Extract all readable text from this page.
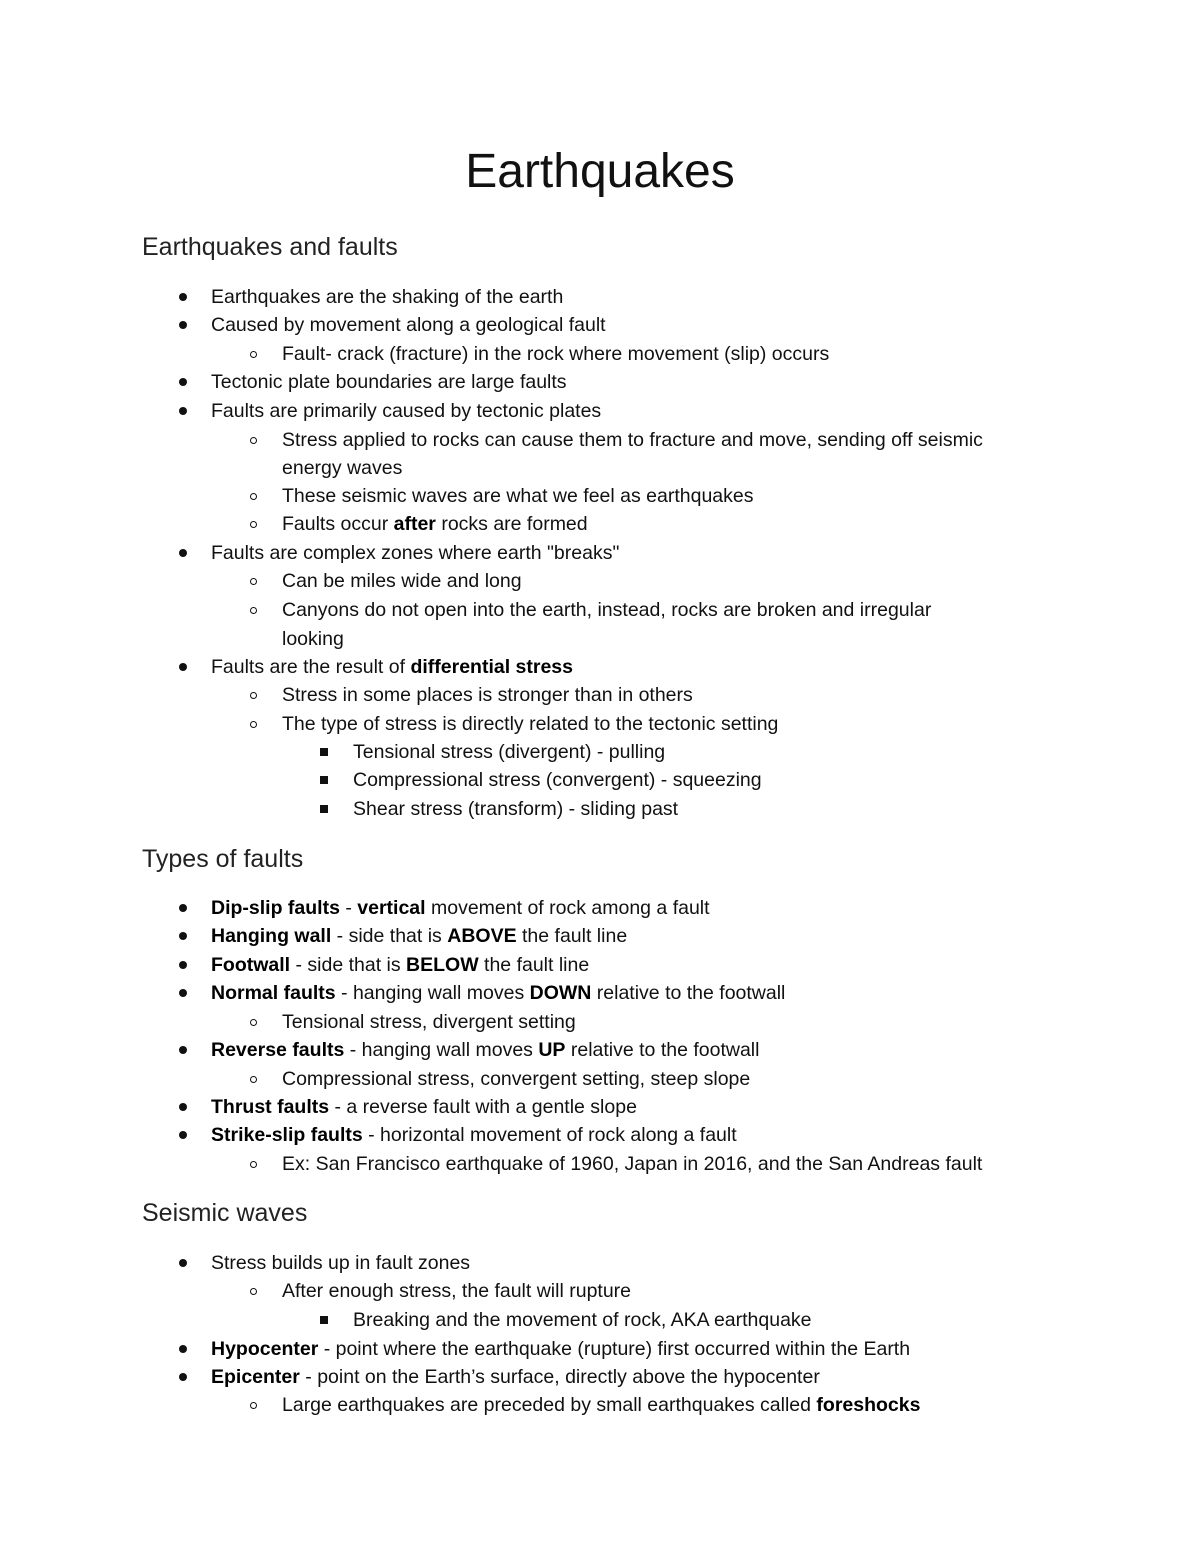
Earthquakes
Earthquakes and faults
Earthquakes are the shaking of the earth
Caused by movement along a geological fault
Fault- crack (fracture) in the rock where movement (slip) occurs
Tectonic plate boundaries are large faults
Faults are primarily caused by tectonic plates
Stress applied to rocks can cause them to fracture and move, sending off seismic
energy waves
These seismic waves are what we feel as earthquakes
Faults occur after rocks are formed
Faults are complex zones where earth "breaks"
Can be miles wide and long
Canyons do not open into the earth, instead, rocks are broken and irregular
looking
Faults are the result of differential stress
Stress in some places is stronger than in others
The type of stress is directly related to the tectonic setting
Tensional stress (divergent) - pulling
Compressional stress (convergent) - squeezing
Shear stress (transform) - sliding past
Types of faults
Dip-slip faults - vertical movement of rock among a fault
Hanging wall - side that is ABOVE the fault line
Footwall - side that is BELOW the fault line
Normal faults - hanging wall moves DOWN relative to the footwall
Tensional stress, divergent setting
Reverse faults - hanging wall moves UP relative to the footwall
Compressional stress, convergent setting, steep slope
Thrust faults - a reverse fault with a gentle slope
Strike-slip faults - horizontal movement of rock along a fault
Ex: San Francisco earthquake of 1960, Japan in 2016, and the San Andreas fault
Seismic waves
Stress builds up in fault zones
After enough stress, the fault will rupture
Breaking and the movement of rock, AKA earthquake
Hypocenter - point where the earthquake (rupture) first occurred within the Earth
Epicenter - point on the Earth’s surface, directly above the hypocenter
Large earthquakes are preceded by small earthquakes called foreshocks
